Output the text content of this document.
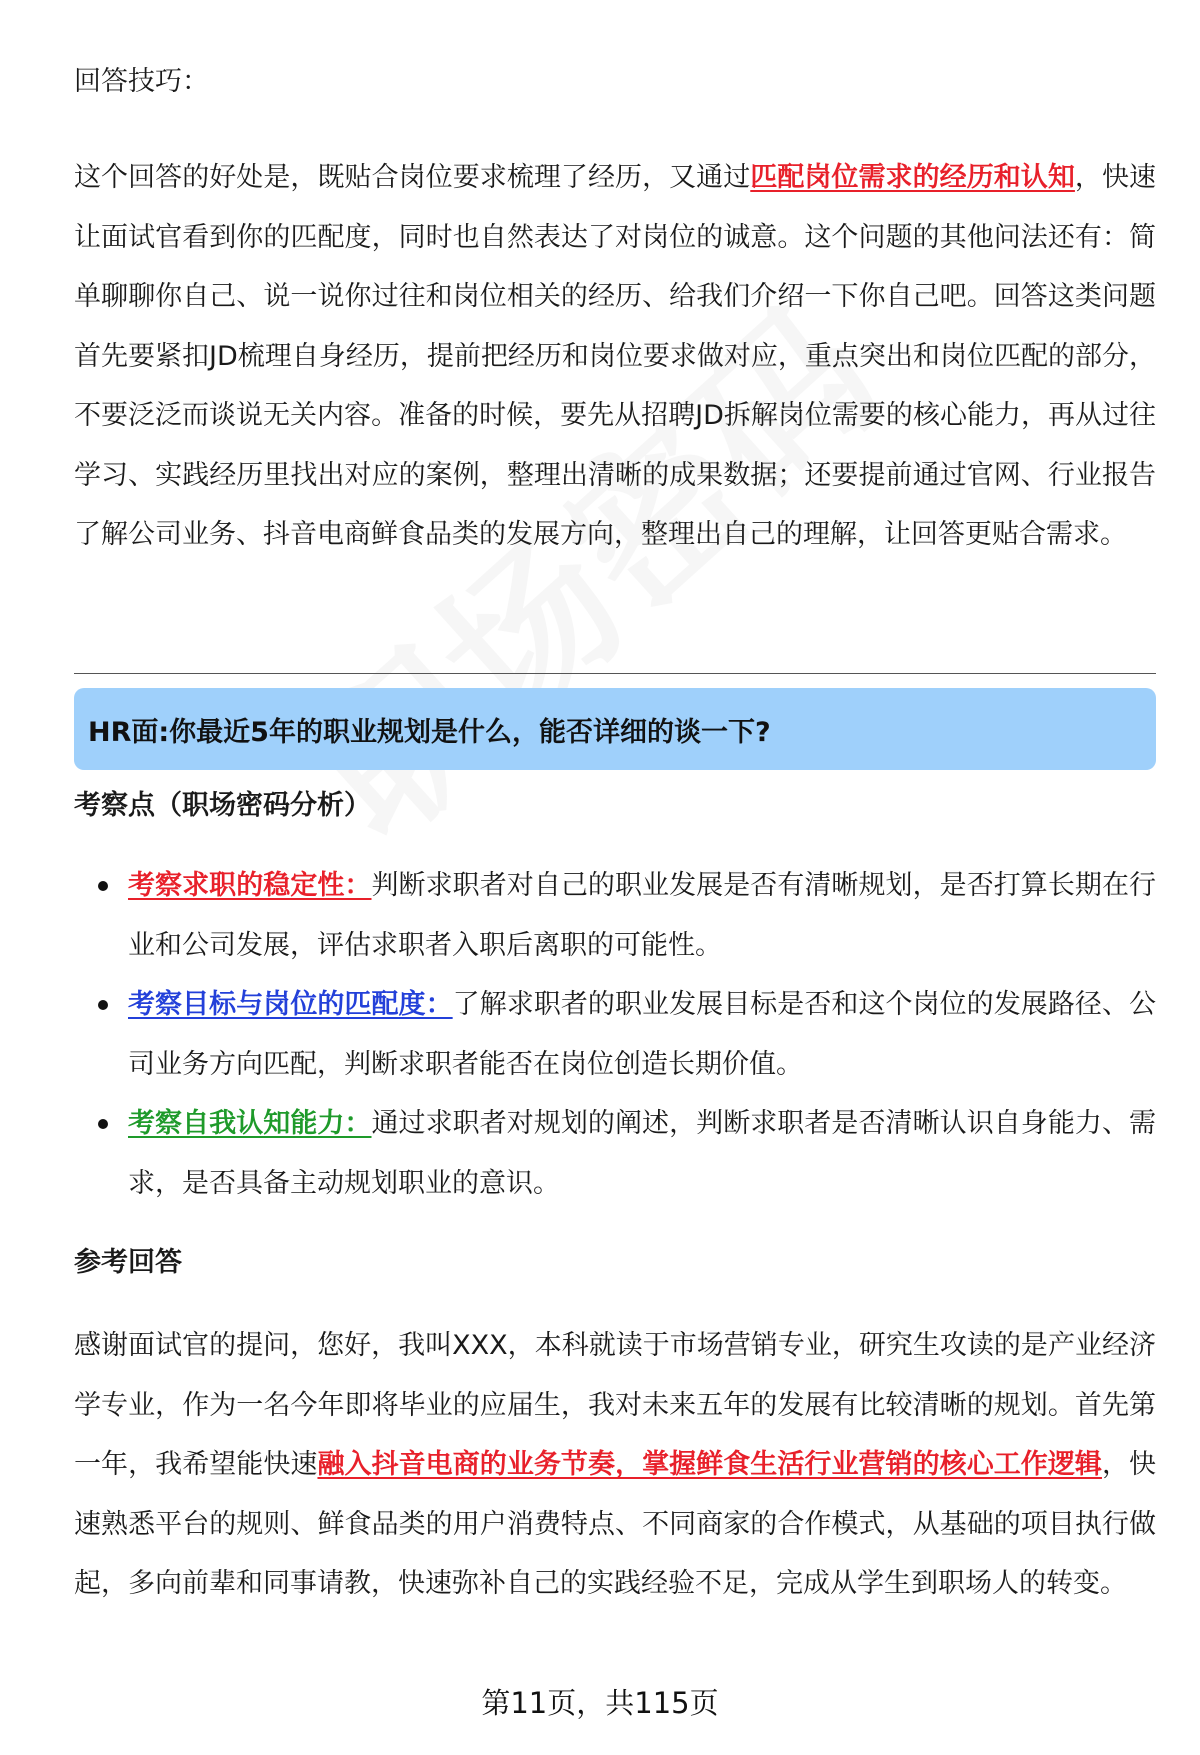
回答技巧：

这个回答的好处是，既贴合岗位要求梳理了经历，又通过匹配岗位需求的经历和认知，快速让面试官看到你的匹配度，同时也自然表达了对岗位的诚意。这个问题的其他问法还有：简单聊聊你自己、说一说你过往和岗位相关的经历、给我们介绍一下你自己吧。回答这类问题首先要紧扣JD梳理自身经历，提前把经历和岗位要求做对应，重点突出和岗位匹配的部分，不要泛泛而谈说无关内容。准备的时候，要先从招聘JD拆解岗位需要的核心能力，再从过往学习、实践经历里找出对应的案例，整理出清晰的成果数据；还要提前通过官网、行业报告了解公司业务、抖音电商鲜食品类的发展方向，整理出自己的理解，让回答更贴合需求。

HR面:你最近5年的职业规划是什么，能否详细的谈一下?

考察点（职场密码分析）

考察求职的稳定性：判断求职者对自己的职业发展是否有清晰规划，是否打算长期在行业和公司发展，评估求职者入职后离职的可能性。
考察目标与岗位的匹配度：了解求职者的职业发展目标是否和这个岗位的发展路径、公司业务方向匹配，判断求职者能否在岗位创造长期价值。
考察自我认知能力：通过求职者对规划的阐述，判断求职者是否清晰认识自身能力、需求，是否具备主动规划职业的意识。

参考回答

感谢面试官的提问，您好，我叫XXX，本科就读于市场营销专业，研究生攻读的是产业经济学专业，作为一名今年即将毕业的应届生，我对未来五年的发展有比较清晰的规划。首先第一年，我希望能快速融入抖音电商的业务节奏，掌握鲜食生活行业营销的核心工作逻辑，快速熟悉平台的规则、鲜食品类的用户消费特点、不同商家的合作模式，从基础的项目执行做起，多向前辈和同事请教，快速弥补自己的实践经验不足，完成从学生到职场人的转变。

第11页，共115页
